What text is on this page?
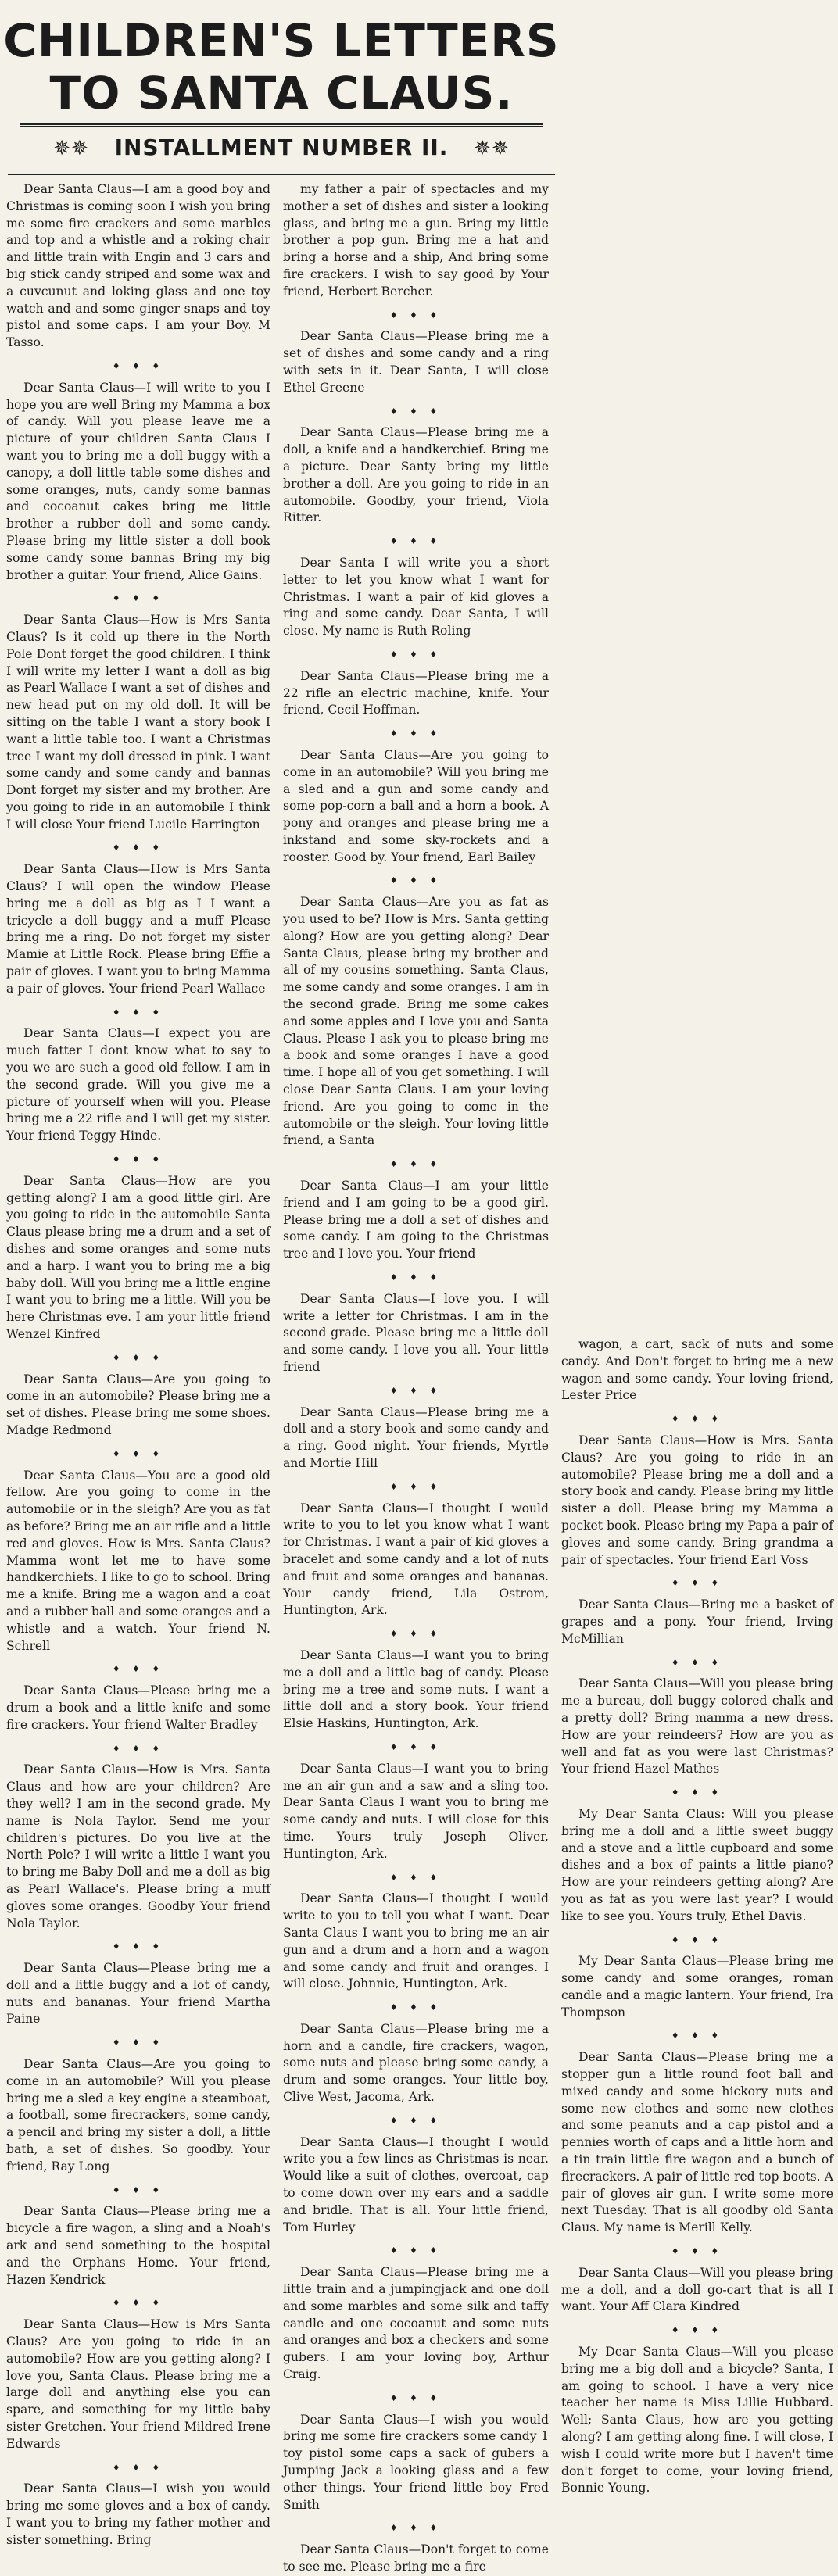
CHILDREN'S LETTERS
TO SANTA CLAUS.
✵✵ INSTALLMENT NUMBER II. ✵✵

Dear Santa Claus—I am a good boy and Christmas is coming soon I wish you bring me some fire crackers and some marbles and top and a whistle and a roking chair and little train with Engin and 3 cars and big stick candy striped and some wax and a cuvcunut and loking glass and one toy watch and and some ginger snaps and toy pistol and some caps. I am your Boy. M Tasso.

♦ ♦ ♦

Dear Santa Claus—I will write to you I hope you are well Bring my Mamma a box of candy. Will you please leave me a picture of your children Santa Claus I want you to bring me a doll buggy with a canopy, a doll little table some dishes and some oranges, nuts, candy some bannas and cocoanut cakes bring me little brother a rubber doll and some candy. Please bring my little sister a doll book some candy some bannas Bring my big brother a guitar. Your friend, Alice Gains.

♦ ♦ ♦

Dear Santa Claus—How is Mrs Santa Claus? Is it cold up there in the North Pole Dont forget the good children. I think I will write my letter I want a doll as big as Pearl Wallace I want a set of dishes and new head put on my old doll. It will be sitting on the table I want a story book I want a little table too. I want a Christmas tree I want my doll dressed in pink. I want some candy and some candy and bannas Dont forget my sister and my brother. Are you going to ride in an automobile I think I will close Your friend Lucile Harrington

♦ ♦ ♦

Dear Santa Claus—How is Mrs Santa Claus? I will open the window Please bring me a doll as big as I I want a tricycle a doll buggy and a muff Please bring me a ring. Do not forget my sister Mamie at Little Rock. Please bring Effie a pair of gloves. I want you to bring Mamma a pair of gloves. Your friend Pearl Wallace

♦ ♦ ♦

Dear Santa Claus—I expect you are much fatter I dont know what to say to you we are such a good old fellow. I am in the second grade. Will you give me a picture of yourself when will you. Please bring me a 22 rifle and I will get my sister. Your friend Teggy Hinde.

♦ ♦ ♦

Dear Santa Claus—How are you getting along? I am a good little girl. Are you going to ride in the automobile Santa Claus please bring me a drum and a set of dishes and some oranges and some nuts and a harp. I want you to bring me a big baby doll. Will you bring me a little engine I want you to bring me a little. Will you be here Christmas eve. I am your little friend Wenzel Kinfred

♦ ♦ ♦

Dear Santa Claus—Are you going to come in an automobile? Please bring me a set of dishes. Please bring me some shoes. Madge Redmond

♦ ♦ ♦

Dear Santa Claus—You are a good old fellow. Are you going to come in the automobile or in the sleigh? Are you as fat as before? Bring me an air rifle and a little red and gloves. How is Mrs. Santa Claus? Mamma wont let me to have some handkerchiefs. I like to go to school. Bring me a knife. Bring me a wagon and a coat and a rubber ball and some oranges and a whistle and a watch. Your friend N. Schrell

♦ ♦ ♦

Dear Santa Claus—Please bring me a drum a book and a little knife and some fire crackers. Your friend Walter Bradley

♦ ♦ ♦

Dear Santa Claus—How is Mrs. Santa Claus and how are your children? Are they well? I am in the second grade. My name is Nola Taylor. Send me your children's pictures. Do you live at the North Pole? I will write a little I want you to bring me Baby Doll and me a doll as big as Pearl Wallace's. Please bring a muff gloves some oranges. Goodby Your friend Nola Taylor.

♦ ♦ ♦

Dear Santa Claus—Please bring me a doll and a little buggy and a lot of candy, nuts and bananas. Your friend Martha Paine

♦ ♦ ♦

Dear Santa Claus—Are you going to come in an automobile? Will you please bring me a sled a key engine a steamboat, a football, some firecrackers, some candy, a pencil and bring my sister a doll, a little bath, a set of dishes. So goodby. Your friend, Ray Long

♦ ♦ ♦

Dear Santa Claus—Please bring me a bicycle a fire wagon, a sling and a Noah's ark and send something to the hospital and the Orphans Home. Your friend, Hazen Kendrick

♦ ♦ ♦

Dear Santa Claus—How is Mrs Santa Claus? Are you going to ride in an automobile? How are you getting along? I love you, Santa Claus. Please bring me a large doll and anything else you can spare, and something for my little baby sister Gretchen. Your friend Mildred Irene Edwards

♦ ♦ ♦

Dear Santa Claus—I wish you would bring me some gloves and a box of candy. I want you to bring my father mother and sister something. Bring

my father a pair of spectacles and my mother a set of dishes and sister a looking glass, and bring me a gun. Bring my little brother a pop gun. Bring me a hat and bring a horse and a ship, And bring some fire crackers. I wish to say good by Your friend, Herbert Bercher.

♦ ♦ ♦

Dear Santa Claus—Please bring me a set of dishes and some candy and a ring with sets in it. Dear Santa, I will close Ethel Greene

♦ ♦ ♦

Dear Santa Claus—Please bring me a doll, a knife and a handkerchief. Bring me a picture. Dear Santy bring my little brother a doll. Are you going to ride in an automobile. Goodby, your friend, Viola Ritter.

♦ ♦ ♦

Dear Santa I will write you a short letter to let you know what I want for Christmas. I want a pair of kid gloves a ring and some candy. Dear Santa, I will close. My name is Ruth Roling

♦ ♦ ♦

Dear Santa Claus—Please bring me a 22 rifle an electric machine, knife. Your friend, Cecil Hoffman.

♦ ♦ ♦

Dear Santa Claus—Are you going to come in an automobile? Will you bring me a sled and a gun and some candy and some pop-corn a ball and a horn a book. A pony and oranges and please bring me a inkstand and some sky-rockets and a rooster. Good by. Your friend, Earl Bailey

♦ ♦ ♦

Dear Santa Claus—Are you as fat as you used to be? How is Mrs. Santa getting along? How are you getting along? Dear Santa Claus, please bring my brother and all of my cousins something. Santa Claus, me some candy and some oranges. I am in the second grade. Bring me some cakes and some apples and I love you and Santa Claus. Please I ask you to please bring me a book and some oranges I have a good time. I hope all of you get something. I will close Dear Santa Claus. I am your loving friend. Are you going to come in the automobile or the sleigh. Your loving little friend, a Santa

♦ ♦ ♦

Dear Santa Claus—I am your little friend and I am going to be a good girl. Please bring me a doll a set of dishes and some candy. I am going to the Christmas tree and I love you. Your friend

♦ ♦ ♦

Dear Santa Claus—I love you. I will write a letter for Christmas. I am in the second grade. Please bring me a little doll and some candy. I love you all. Your little friend

♦ ♦ ♦

Dear Santa Claus—Please bring me a doll and a story book and some candy and a ring. Good night. Your friends, Myrtle and Mortie Hill

♦ ♦ ♦

Dear Santa Claus—I thought I would write to you to let you know what I want for Christmas. I want a pair of kid gloves a bracelet and some candy and a lot of nuts and fruit and some oranges and bananas. Your candy friend, Lila Ostrom, Huntington, Ark.

♦ ♦ ♦

Dear Santa Claus—I want you to bring me a doll and a little bag of candy. Please bring me a tree and some nuts. I want a little doll and a story book. Your friend Elsie Haskins, Huntington, Ark.

♦ ♦ ♦

Dear Santa Claus—I want you to bring me an air gun and a saw and a sling too. Dear Santa Claus I want you to bring me some candy and nuts. I will close for this time. Yours truly Joseph Oliver, Huntington, Ark.

♦ ♦ ♦

Dear Santa Claus—I thought I would write to you to tell you what I want. Dear Santa Claus I want you to bring me an air gun and a drum and a horn and a wagon and some candy and fruit and oranges. I will close. Johnnie, Huntington, Ark.

♦ ♦ ♦

Dear Santa Claus—Please bring me a horn and a candle, fire crackers, wagon, some nuts and please bring some candy, a drum and some oranges. Your little boy, Clive West, Jacoma, Ark.

♦ ♦ ♦

Dear Santa Claus—I thought I would write you a few lines as Christmas is near. Would like a suit of clothes, overcoat, cap to come down over my ears and a saddle and bridle. That is all. Your little friend, Tom Hurley

♦ ♦ ♦

Dear Santa Claus—Please bring me a little train and a jumpingjack and one doll and some marbles and some silk and taffy candle and one cocoanut and some nuts and oranges and box a checkers and some gubers. I am your loving boy, Arthur Craig.

♦ ♦ ♦

Dear Santa Claus—I wish you would bring me some fire crackers some candy 1 toy pistol some caps a sack of gubers a Jumping Jack a looking glass and a few other things. Your friend little boy Fred Smith

♦ ♦ ♦

Dear Santa Claus—Don't forget to come to see me. Please bring me a fire

wagon, a cart, sack of nuts and some candy. And Don't forget to bring me a new wagon and some candy. Your loving friend, Lester Price

♦ ♦ ♦

Dear Santa Claus—How is Mrs. Santa Claus? Are you going to ride in an automobile? Please bring me a doll and a story book and candy. Please bring my little sister a doll. Please bring my Mamma a pocket book. Please bring my Papa a pair of gloves and some candy. Bring grandma a pair of spectacles. Your friend Earl Voss

♦ ♦ ♦

Dear Santa Claus—Bring me a basket of grapes and a pony. Your friend, Irving McMillian

♦ ♦ ♦

Dear Santa Claus—Will you please bring me a bureau, doll buggy colored chalk and a pretty doll? Bring mamma a new dress. How are your reindeers? How are you as well and fat as you were last Christmas? Your friend Hazel Mathes

♦ ♦ ♦

My Dear Santa Claus: Will you please bring me a doll and a little sweet buggy and a stove and a little cupboard and some dishes and a box of paints a little piano? How are your reindeers getting along? Are you as fat as you were last year? I would like to see you. Yours truly, Ethel Davis.

♦ ♦ ♦

My Dear Santa Claus—Please bring me some candy and some oranges, roman candle and a magic lantern. Your friend, Ira Thompson

♦ ♦ ♦

Dear Santa Claus—Please bring me a stopper gun a little round foot ball and mixed candy and some hickory nuts and some new clothes and some new clothes and some peanuts and a cap pistol and a pennies worth of caps and a little horn and a tin train little fire wagon and a bunch of firecrackers. A pair of little red top boots. A pair of gloves air gun. I write some more next Tuesday. That is all goodby old Santa Claus. My name is Merill Kelly.

♦ ♦ ♦

Dear Santa Claus—Will you please bring me a doll, and a doll go-cart that is all I want. Your Aff Clara Kindred

♦ ♦ ♦

My Dear Santa Claus—Will you please bring me a big doll and a bicycle? Santa, I am going to school. I have a very nice teacher her name is Miss Lillie Hubbard. Well; Santa Claus, how are you getting along? I am getting along fine. I will close, I wish I could write more but I haven't time don't forget to come, your loving friend, Bonnie Young.
